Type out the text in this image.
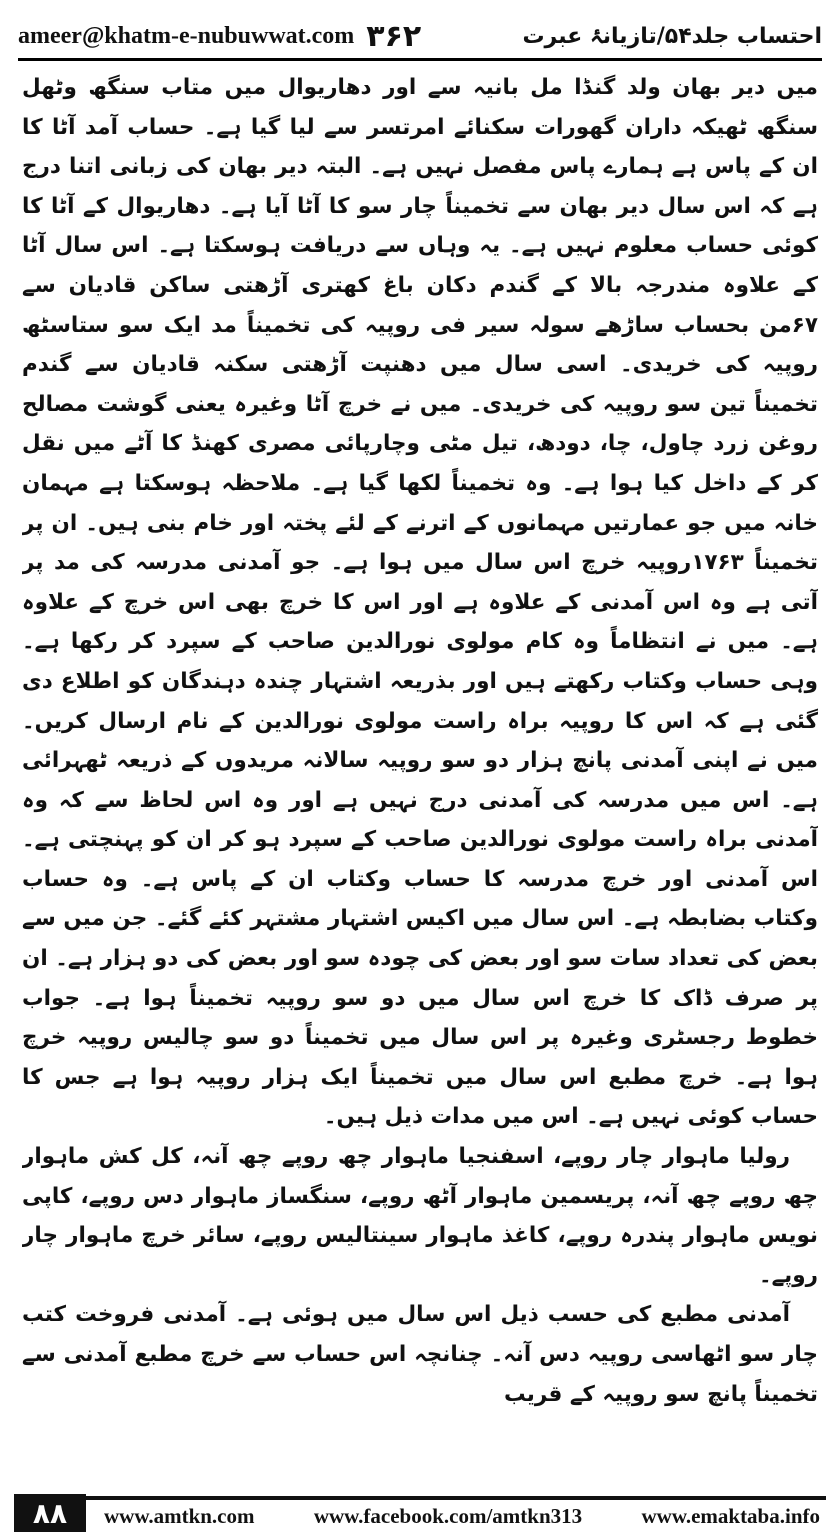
ameer@khatm-e-nubuwwat.com ۳۶۲	احتساب جلد۵۴/تازیانۂ عبرت

میں دیر بھان ولد گنڈا مل بانیہ سے اور دھاریوال میں متاب سنگھ وٹھل سنگھ ٹھیکہ داران گھورات سکنائے امرتسر سے لیا گیا ہے۔ حساب آمد آٹا کا ان کے پاس ہے ہمارے پاس مفصل نہیں ہے۔ البتہ دیر بھان کی زبانی اتنا درج ہے کہ اس سال دیر بھان سے تخمیناً چار سو کا آٹا آیا ہے۔ دھاریوال کے آٹا کا کوئی حساب معلوم نہیں ہے۔ یہ وہاں سے دریافت ہوسکتا ہے۔ اس سال آٹا کے علاوہ مندرجہ بالا کے گندم دکان باغ کھتری آڑھتی ساکن قادیان سے ۶۷من بحساب ساڑھے سولہ سیر فی روپیہ کی تخمیناً مد ایک سو ستاسٹھ روپیہ کی خریدی۔ اسی سال میں دھنپت آڑھتی سکنہ قادیان سے گندم تخمیناً تین سو روپیہ کی خریدی۔ میں نے خرچ آٹا وغیرہ یعنی گوشت مصالح روغن زرد چاول، چا، دودھ، تیل مٹی وچارپائی مصری کھنڈ کا آٹے میں نقل کر کے داخل کیا ہوا ہے۔ وہ تخمیناً لکھا گیا ہے۔ ملاحظہ ہوسکتا ہے مہمان خانہ میں جو عمارتیں مہمانوں کے اترنے کے لئے پختہ اور خام بنی ہیں۔ ان پر تخمیناً ۱۷۶۳روپیہ خرچ اس سال میں ہوا ہے۔ جو آمدنی مدرسہ کی مد پر آتی ہے وہ اس آمدنی کے علاوہ ہے اور اس کا خرچ بھی اس خرچ کے علاوہ ہے۔ میں نے انتظاماً وہ کام مولوی نورالدین صاحب کے سپرد کر رکھا ہے۔ وہی حساب وکتاب رکھتے ہیں اور بذریعہ اشتہار چندہ دہندگان کو اطلاع دی گئی ہے کہ اس کا روپیہ براہ راست مولوی نورالدین کے نام ارسال کریں۔ میں نے اپنی آمدنی پانچ ہزار دو سو روپیہ سالانہ مریدوں کے ذریعہ ٹھہرائی ہے۔ اس میں مدرسہ کی آمدنی درج نہیں ہے اور وہ اس لحاظ سے کہ وہ آمدنی براہ راست مولوی نورالدین صاحب کے سپرد ہو کر ان کو پہنچتی ہے۔ اس آمدنی اور خرچ مدرسہ کا حساب وکتاب ان کے پاس ہے۔ وہ حساب وکتاب بضابطہ ہے۔ اس سال میں اکیس اشتہار مشتہر کئے گئے۔ جن میں سے بعض کی تعداد سات سو اور بعض کی چودہ سو اور بعض کی دو ہزار ہے۔ ان پر صرف ڈاک کا خرچ اس سال میں دو سو روپیہ تخمیناً ہوا ہے۔ جواب خطوط رجسٹری وغیرہ پر اس سال میں تخمیناً دو سو چالیس روپیہ خرچ ہوا ہے۔ خرچ مطبع اس سال میں تخمیناً ایک ہزار روپیہ ہوا ہے جس کا حساب کوئی نہیں ہے۔ اس میں مدات ذیل ہیں۔

رولیا ماہوار چار روپے، اسفنجیا ماہوار چھ روپے چھ آنہ، کل کش ماہوار چھ روپے چھ آنہ، پریسمین ماہوار آٹھ روپے، سنگساز ماہوار دس روپے، کاپی نویس ماہوار پندرہ روپے، کاغذ ماہوار سینتالیس روپے، سائر خرچ ماہوار چار روپے۔

آمدنی مطبع کی حسب ذیل اس سال میں ہوئی ہے۔ آمدنی فروخت کتب چار سو اٹھاسی روپیہ دس آنہ۔ چنانچہ اس حساب سے خرچ مطبع آمدنی سے تخمیناً پانچ سو روپیہ کے قریب

۸۸	www.amtkn.com	www.facebook.com/amtkn313	www.emaktaba.info
